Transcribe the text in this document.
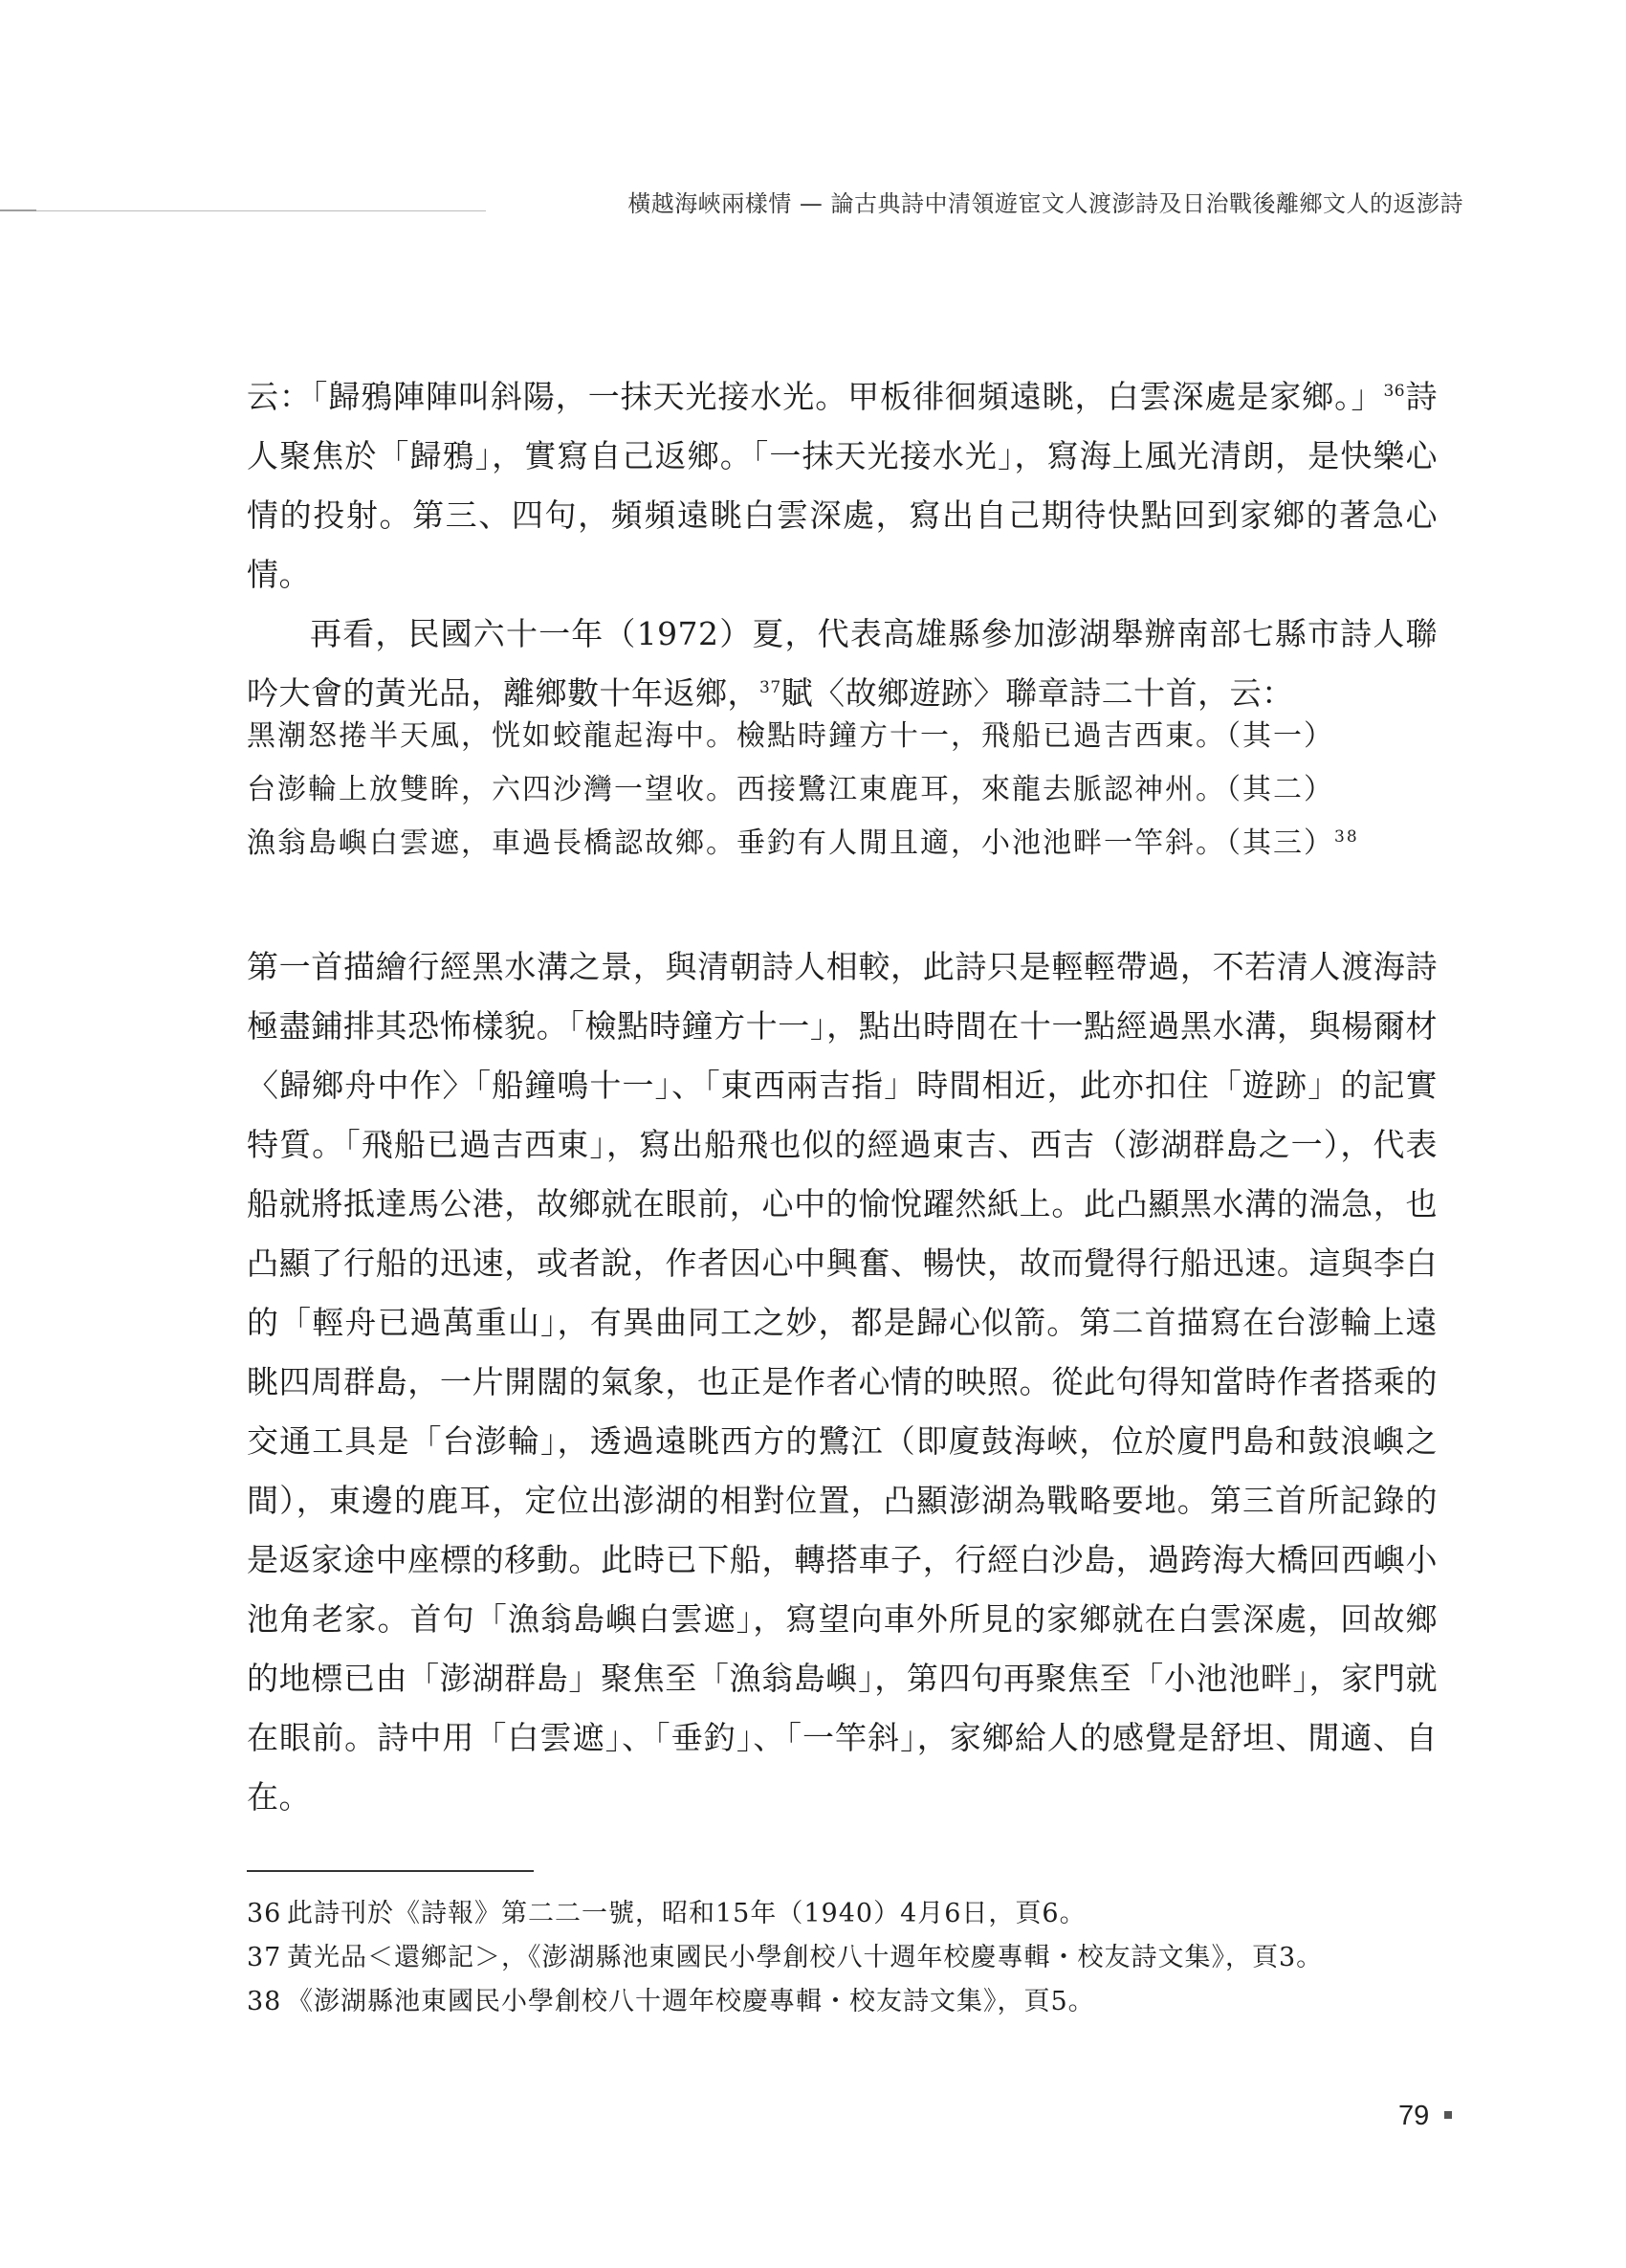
橫越海峽兩樣情 — 論古典詩中清領遊宦文人渡澎詩及日治戰後離鄉文人的返澎詩

云：「歸鴉陣陣叫斜陽，一抹天光接水光。甲板徘徊頻遠眺，白雲深處是家鄉。」$^{36}$詩人聚焦於「歸鴉」，實寫自己返鄉。「一抹天光接水光」，寫海上風光清朗，是快樂心情的投射。第三、四句，頻頻遠眺白雲深處，寫出自己期待快點回到家鄉的著急心情。

再看，民國六十一年（1972）夏，代表高雄縣參加澎湖舉辦南部七縣市詩人聯吟大會的黃光品，離鄉數十年返鄉，$^{37}$賦〈故鄉遊跡〉聯章詩二十首，云：

黑潮怒捲半天風，恍如蛟龍起海中。檢點時鐘方十一，飛船已過吉西東。（其一）
台澎輪上放雙眸，六四沙灣一望收。西接鷺江東鹿耳，來龍去脈認神州。（其二）
漁翁島嶼白雲遮，車過長橋認故鄉。垂釣有人閒且適，小池池畔一竿斜。（其三）$^{38}$

第一首描繪行經黑水溝之景，與清朝詩人相較，此詩只是輕輕帶過，不若清人渡海詩極盡鋪排其恐怖樣貌。「檢點時鐘方十一」，點出時間在十一點經過黑水溝，與楊爾材〈歸鄉舟中作〉「船鐘鳴十一」、「東西兩吉指」時間相近，此亦扣住「遊跡」的記實特質。「飛船已過吉西東」，寫出船飛也似的經過東吉、西吉（澎湖群島之一），代表船就將抵達馬公港，故鄉就在眼前，心中的愉悅躍然紙上。此凸顯黑水溝的湍急，也凸顯了行船的迅速，或者說，作者因心中興奮、暢快，故而覺得行船迅速。這與李白的「輕舟已過萬重山」，有異曲同工之妙，都是歸心似箭。第二首描寫在台澎輪上遠眺四周群島，一片開闊的氣象，也正是作者心情的映照。從此句得知當時作者搭乘的交通工具是「台澎輪」，透過遠眺西方的鷺江（即廈鼓海峽，位於廈門島和鼓浪嶼之間），東邊的鹿耳，定位出澎湖的相對位置，凸顯澎湖為戰略要地。第三首所記錄的是返家途中座標的移動。此時已下船，轉搭車子，行經白沙島，過跨海大橋回西嶼小池角老家。首句「漁翁島嶼白雲遮」，寫望向車外所見的家鄉就在白雲深處，回故鄉的地標已由「澎湖群島」聚焦至「漁翁島嶼」，第四句再聚焦至「小池池畔」，家門就在眼前。詩中用「白雲遮」、「垂釣」、「一竿斜」，家鄉給人的感覺是舒坦、閒適、自在。

36 此詩刊於《詩報》第二二一號，昭和15年（1940）4月6日，頁6。
37 黃光品＜還鄉記＞，《澎湖縣池東國民小學創校八十週年校慶專輯・校友詩文集》，頁3。
38 《澎湖縣池東國民小學創校八十週年校慶專輯・校友詩文集》，頁5。
79
